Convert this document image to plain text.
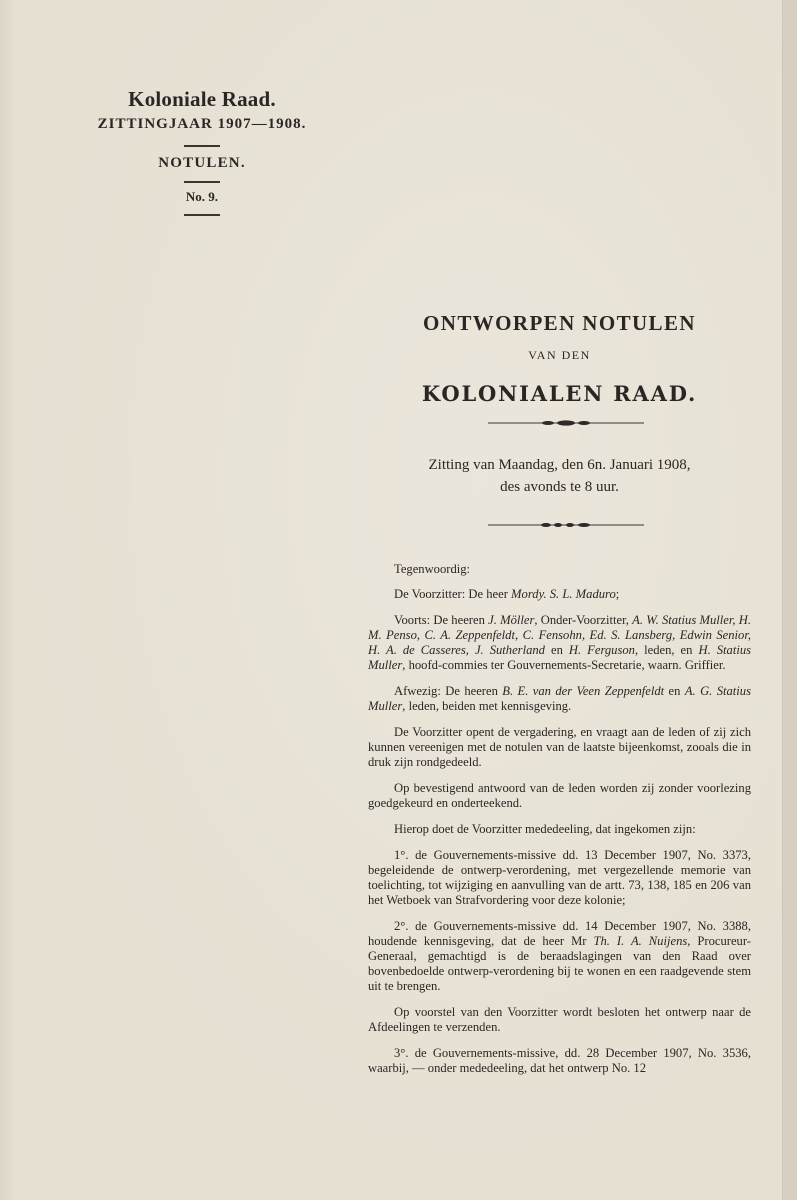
Koloniale Raad.
ZITTINGJAAR 1907—1908.
NOTULEN.
No. 9.
ONTWORPEN NOTULEN
VAN DEN
KOLONIALEN RAAD.
Zitting van Maandag, den 6n. Januari 1908,
des avonds te 8 uur.

Tegenwoordig:

De Voorzitter: De heer Mordy. S. L. Maduro;

Voorts: De heeren J. Möller, Onder-Voorzitter, A. W. Statius Muller, H. M. Penso, C. A. Zeppenfeldt, C. Fensohn, Ed. S. Lansberg, Edwin Senior, H. A. de Casseres, J. Sutherland en H. Ferguson, leden, en H. Statius Muller, hoofd-commies ter Gouvernements-Secretarie, waarn. Griffier.

Afwezig: De heeren B. E. van der Veen Zeppenfeldt en A. G. Statius Muller, leden, beiden met kennisgeving.

De Voorzitter opent de vergadering, en vraagt aan de leden of zij zich kunnen vereenigen met de notulen van de laatste bijeenkomst, zooals die in druk zijn rondgedeeld.

Op bevestigend antwoord van de leden worden zij zonder voorlezing goedgekeurd en onderteekend.

Hierop doet de Voorzitter mededeeling, dat ingekomen zijn:

1°. de Gouvernements-missive dd. 13 December 1907, No. 3373, begeleidende de ontwerp-verordening, met vergezellende memorie van toelichting, tot wijziging en aanvulling van de artt. 73, 138, 185 en 206 van het Wetboek van Strafvordering voor deze kolonie;

2°. de Gouvernements-missive dd. 14 December 1907, No. 3388, houdende kennisgeving, dat de heer Mr Th. I. A. Nuijens, Procureur-Generaal, gemachtigd is de beraadslagingen van den Raad over bovenbedoelde ontwerp-verordening bij te wonen en een raadgevende stem uit te brengen.

Op voorstel van den Voorzitter wordt besloten het ontwerp naar de Afdeelingen te verzenden.

3°. de Gouvernements-missive, dd. 28 December 1907, No. 3536, waarbij, — onder mededeeling, dat het ontwerp No. 12
